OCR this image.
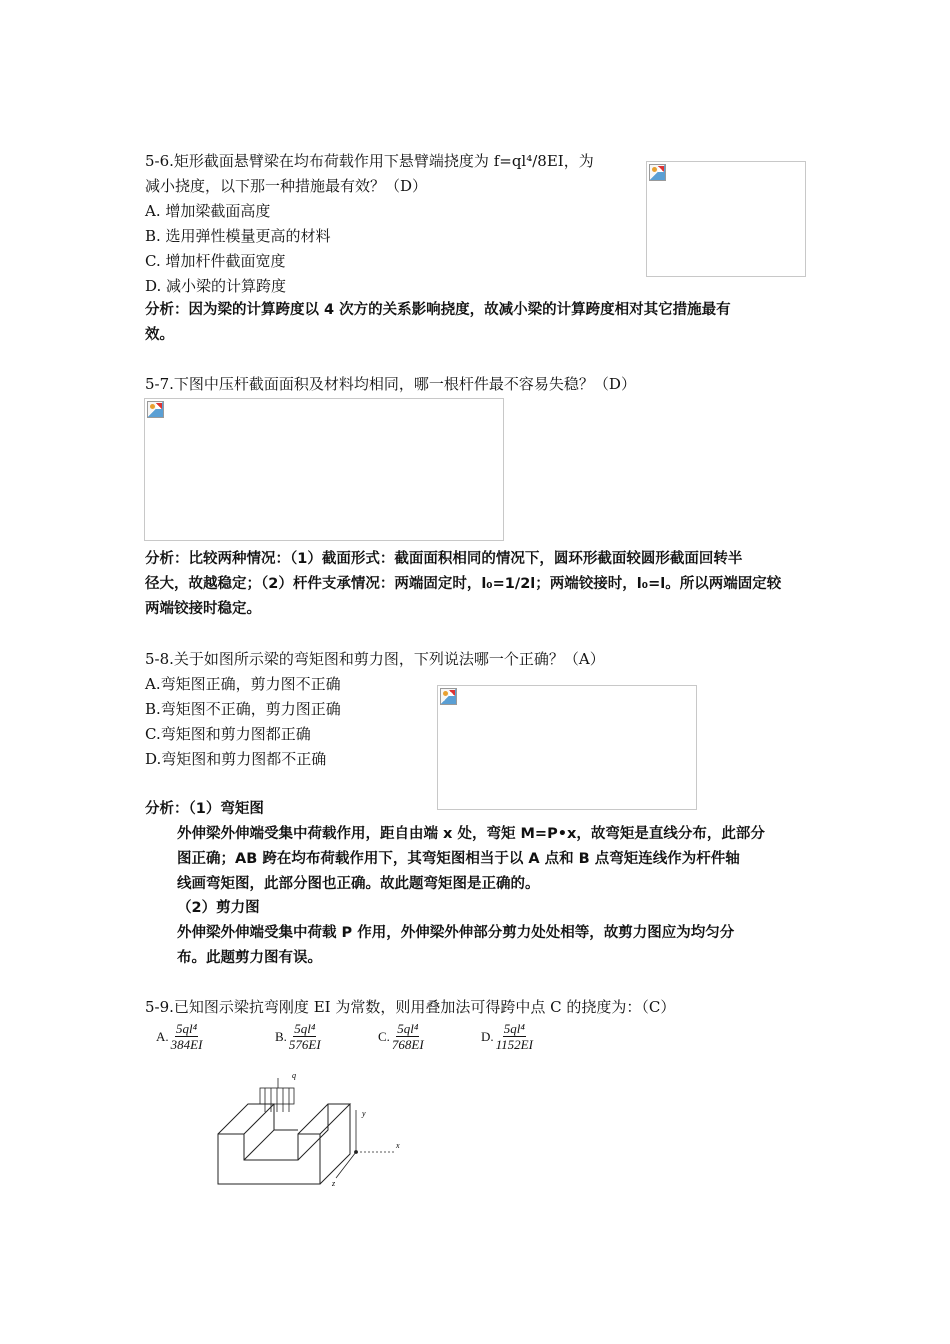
5-6.矩形截面悬臂梁在均布荷载作用下悬臂端挠度为 f=ql⁴/8EI，为
减小挠度，以下那一种措施最有效？（D）
A. 增加梁截面高度
B. 选用弹性模量更高的材料
C. 增加杆件截面宽度
D. 减小梁的计算跨度
分析：因为梁的计算跨度以 4 次方的关系影响挠度，故减小梁的计算跨度相对其它措施最有
效。
5-7.下图中压杆截面面积及材料均相同，哪一根杆件最不容易失稳？（D）
分析：比较两种情况：（1）截面形式：截面面积相同的情况下，圆环形截面较圆形截面回转半
径大，故越稳定；（2）杆件支承情况：两端固定时，l₀=1/2l；两端铰接时，l₀=l。所以两端固定较
两端铰接时稳定。
5-8.关于如图所示梁的弯矩图和剪力图，下列说法哪一个正确？（A）
A.弯矩图正确，剪力图不正确
B.弯矩图不正确，剪力图正确
C.弯矩图和剪力图都正确
D.弯矩图和剪力图都不正确
分析：（1）弯矩图
外伸梁外伸端受集中荷载作用，距自由端 x 处，弯矩 M=P•x，故弯矩是直线分布，此部分
图正确；AB 跨在均布荷载作用下，其弯矩图相当于以 A 点和 B 点弯矩连线作为杆件轴
线画弯矩图，此部分图也正确。故此题弯矩图是正确的。
（2）剪力图
外伸梁外伸端受集中荷载 P 作用，外伸梁外伸部分剪力处处相等，故剪力图应为均匀分
布。此题剪力图有误。
5-9.已知图示梁抗弯刚度 EI 为常数，则用叠加法可得跨中点 C 的挠度为：（C）
A. $\frac{\text{5ql⁴}}{384EI}$	B. $\frac{\text{5ql⁴}}{576EI}$	C. $\frac{\text{5ql⁴}}{768EI}$	D. $\frac{\text{5ql⁴}}{1152EI}$
q
y
x
z
